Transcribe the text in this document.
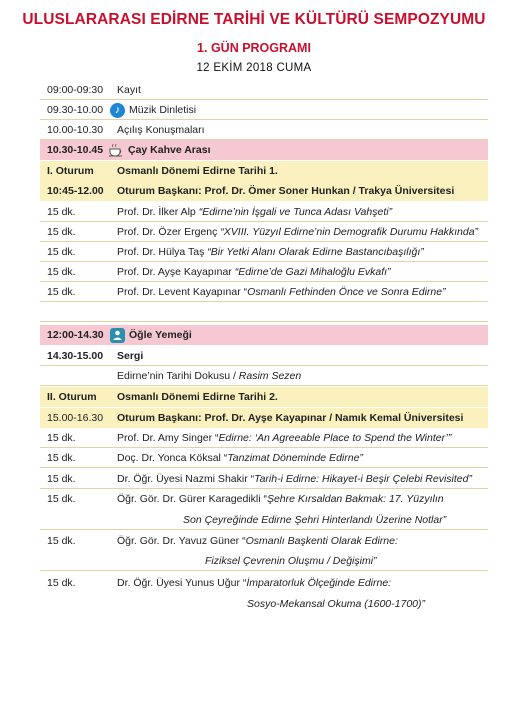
ULUSLARARASI EDİRNE TARİHİ VE KÜLTÜRÜ SEMPOZYUMU
1. GÜN PROGRAMI
12 EKİM 2018 CUMA
09:00-09:30 Kayıt
09.30-10.00	♪ Müzik Dinletisi
10.00-10.30 Açılış Konuşmaları
10.30-10.45	Çay Kahve Arası
I. Oturum Osmanlı Dönemi Edirne Tarihi 1.
10:45-12.00 Oturum Başkanı: Prof. Dr. Ömer Soner Hunkan / Trakya Üniversitesi
15 dk.	Prof. Dr. İlker Alp “Edirne’nin İşgali ve Tunca Adası Vahşeti”
15 dk.	Prof. Dr. Özer Ergenç “XVIII. Yüzyıl Edirne’nin Demografik Durumu Hakkında”
15 dk.	Prof. Dr. Hülya Taş “Bir Yetki Alanı Olarak Edirne Bastancıbaşılığı”
15 dk.	Prof. Dr. Ayşe Kayapınar “Edirne’de Gazi Mihaloğlu Evkafı”
15 dk.	Prof. Dr. Levent Kayapınar “Osmanlı Fethinden Önce ve Sonra Edirne”
12:00-14.30	Öğle Yemeği
14.30-15.00 Sergi
Edirne’nin Tarihi Dokusu / Rasim Sezen
II. Oturum Osmanlı Dönemi Edirne Tarihi 2.
15.00-16.30 Oturum Başkanı: Prof. Dr. Ayşe Kayapınar / Namık Kemal Üniversitesi
15 dk.	Prof. Dr. Amy Singer “Edirne: ‘An Agreeable Place to Spend the Winter’”
15 dk.	Doç. Dr. Yonca Köksal “Tanzimat Döneminde Edirne”
15 dk.	Dr. Öğr. Üyesi Nazmi Shakir “Tarih-i Edirne: Hikayet-i Beşir Çelebi Revisited”
15 dk.	Öğr. Gör. Dr. Gürer Karagedikli “Şehre Kırsaldan Bakmak: 17. Yüzyılın
Son Çeyreğinde Edirne Şehri Hinterlandı Üzerine Notlar”
15 dk.	Öğr. Gör. Dr. Yavuz Güner “Osmanlı Başkenti Olarak Edirne:
Fiziksel Çevrenin Oluşmu / Değişimi”
15 dk.	Dr. Öğr. Üyesi Yunus Uğur “İmparatorluk Ölçeğinde Edirne:
Sosyo-Mekansal Okuma (1600-1700)”
